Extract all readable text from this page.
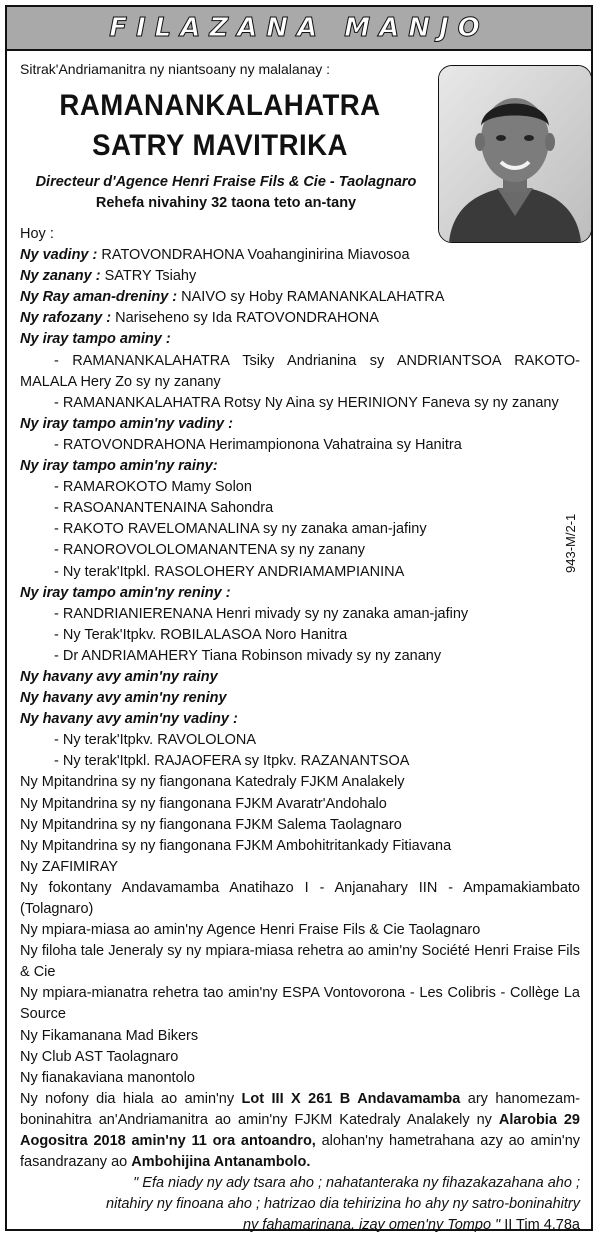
FILAZANA MANJO
Sitrak'Andriamanitra ny niantsoany ny malalanay :
RAMANANKALAHATRA
SATRY MAVITRIKA
Directeur d'Agence Henri Fraise Fils & Cie - Taolagnaro
Rehefa nivahiny 32 taona teto an-tany
943-M/2-1
Hoy :
Ny vadiny : RATOVONDRAHONA Voahanginirina Miavosoa
Ny zanany : SATRY Tsiahy
Ny Ray aman-dreniny : NAIVO sy Hoby RAMANANKALAHATRA
Ny rafozany : Nariseheno sy Ida RATOVONDRAHONA
Ny iray tampo aminy :
- RAMANANKALAHATRA Tsiky Andrianina sy ANDRIANTSOA RAKOTO-MALALA Hery Zo sy ny zanany
- RAMANANKALAHATRA Rotsy Ny Aina sy HERINIONY Faneva sy ny zanany
Ny iray tampo amin'ny vadiny :
- RATOVONDRAHONA Herimampionona Vahatraina sy Hanitra
Ny iray tampo amin'ny rainy:
- RAMAROKOTO Mamy Solon
- RASOANANTENAINA Sahondra
- RAKOTO RAVELOMANALINA sy ny zanaka aman-jafiny
- RANOROVOLOLOMANANTENA sy ny zanany
- Ny terak'Itpkl. RASOLOHERY ANDRIAMAMPIANINA
Ny iray tampo amin'ny reniny :
- RANDRIANIERENANA Henri mivady sy ny zanaka aman-jafiny
- Ny Terak'Itpkv. ROBILALASOA Noro Hanitra
- Dr ANDRIAMAHERY Tiana Robinson mivady sy ny zanany
Ny havany avy amin'ny rainy
Ny havany avy amin'ny reniny
Ny havany avy amin'ny vadiny :
- Ny terak'Itpkv. RAVOLOLONA
- Ny terak'Itpkl. RAJAOFERA sy Itpkv. RAZANANTSOA
Ny Mpitandrina sy ny fiangonana Katedraly FJKM Analakely
Ny Mpitandrina sy ny fiangonana FJKM Avaratr'Andohalo
Ny Mpitandrina sy ny fiangonana FJKM Salema Taolagnaro
Ny Mpitandrina sy ny fiangonana FJKM Ambohitritankady Fitiavana
Ny ZAFIMIRAY
Ny fokontany Andavamamba Anatihazo I - Anjanahary IIN - Ampamakiambato (Tolagnaro)
Ny mpiara-miasa ao amin'ny Agence Henri Fraise Fils & Cie Taolagnaro
Ny filoha tale Jeneraly sy ny mpiara-miasa rehetra ao amin'ny Société Henri Fraise Fils & Cie
Ny mpiara-mianatra rehetra tao amin'ny ESPA Vontovorona - Les Colibris - Collège La Source
Ny Fikamanana Mad Bikers
Ny Club AST Taolagnaro
Ny fianakaviana manontolo
Ny nofony dia hiala ao amin'ny Lot III X 261 B Andavamamba ary hanomezam-boninahitra an'Andriamanitra ao amin'ny FJKM Katedraly Analakely ny Alarobia 29 Aogositra 2018 amin'ny 11 ora antoandro, alohan'ny hametrahana azy ao amin'ny fasandrazany ao Ambohijina Antanambolo.
" Efa niady ny ady tsara aho ; nahatanteraka ny fihazakazahana aho ;
nitahiry ny finoana aho ; hatrizao dia tehirizina ho ahy ny satro-boninahitry
ny fahamarinana, izay omen'ny Tompo " II Tim 4,78a
